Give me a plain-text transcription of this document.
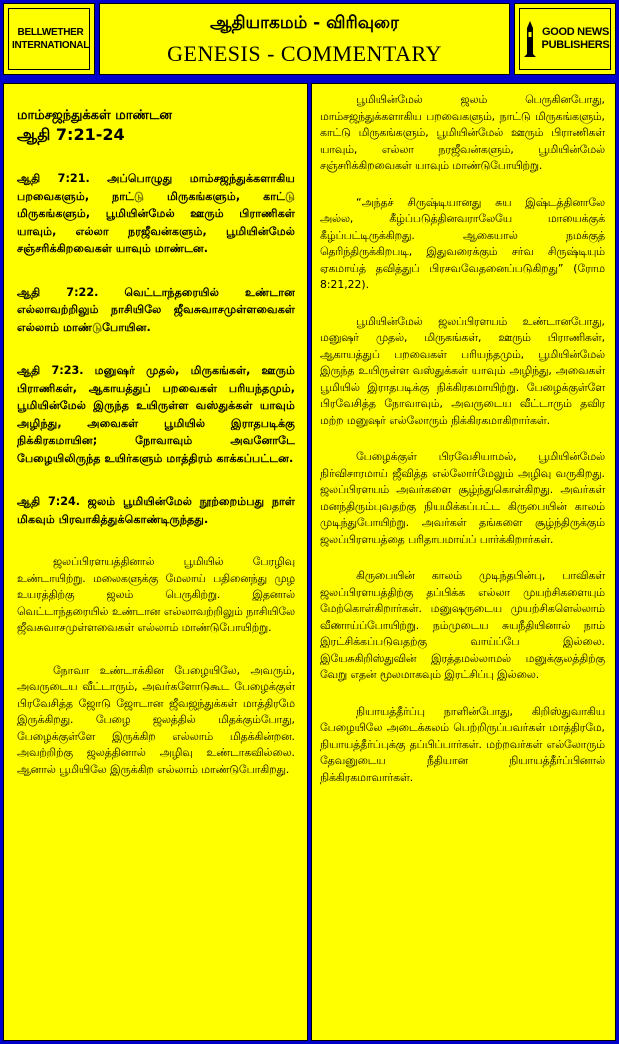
BELLWETHER
INTERNATIONAL
ஆதியாகமம் - விரிவுரை
GENESIS - COMMENTARY
GOOD NEWS
PUBLISHERS

மாம்சஜந்துக்கள் மாண்டன

ஆதி 7:21-24

ஆதி 7:21. அப்பொழுது மாம்சஜந்துக்களாகிய பறவைகளும், நாட்டு மிருகங்களும், காட்டு மிருகங்களும், பூமியின்மேல் ஊரும் பிராணிகள் யாவும், எல்லா நரஜீவன்களும், பூமியின்மேல் சஞ்சரிக்கிறவைகள் யாவும் மாண்டன.

ஆதி 7:22. வெட்டாந்தரையில் உண்டான எல்லாவற்றிலும் நாசியிலே ஜீவசுவாசமுள்ளவைகள் எல்லாம் மாண்டுபோயின.

ஆதி 7:23. மனுஷர் முதல், மிருகங்கள், ஊரும் பிராணிகள், ஆகாயத்துப் பறவைகள் பரியந்தமும், பூமியின்மேல் இருந்த உயிருள்ள வஸ்துக்கள் யாவும் அழிந்து, அவைகள் பூமியில் இராதபடிக்கு நிக்கிரகமாயின; நோவாவும் அவனோடே பேழையிலிருந்த உயிர்களும் மாத்திரம் காக்கப்பட்டன.

ஆதி 7:24. ஜலம் பூமியின்மேல் நூற்றைம்பது நாள் மிகவும் பிரவாகித்துக்கொண்டிருந்தது.

ஜலப்பிரளயத்தினால் பூமியில் பேரழிவு உண்டாயிற்று. மலைகளுக்கு மேலாய் பதினைந்து முழ உயரத்திற்கு ஜலம் பெருகிற்று. இதனால் வெட்டாந்தரையில் உண்டான எல்லாவற்றிலும் நாசியிலே ஜீவசுவாசமுள்ளவைகள் எல்லாம் மாண்டுபோயிற்று.

நோவா உண்டாக்கின பேழையிலே, அவரும், அவருடைய வீட்டாரும், அவர்களோடுகூட பேழைக்குள் பிரவேசித்த ஜோடு ஜோடான ஜீவஜந்துக்கள் மாத்திரமே இருக்கிறது. பேழை ஜலத்தில் மிதக்கும்போது, பேழைக்குள்ளே இருக்கிற எல்லாம் மிதக்கின்றன. அவற்றிற்கு ஜலத்தினால் அழிவு உண்டாகவில்லை. ஆனால் பூமியிலே இருக்கிற எல்லாம் மாண்டுபோகிறது.

பூமியின்மேல் ஜலம் பெருகினபோது, மாம்சஜந்துக்களாகிய பறவைகளும், நாட்டு மிருகங்களும், காட்டு மிருகங்களும், பூமியின்மேல் ஊரும் பிராணிகள் யாவும், எல்லா நரஜீவன்களும், பூமியின்மேல் சஞ்சரிக்கிறவைகள் யாவும் மாண்டுபோயிற்று.

“அந்தச் சிருஷ்டியானது சுய இஷ்டத்தினாலே அல்ல, கீழ்ப்படுத்தினவராலேயே மாயைக்குக் கீழ்ப்பட்டிருக்கிறது. ஆகையால் நமக்குத் தெரிந்திருக்கிறபடி, இதுவரைக்கும் சர்வ சிருஷ்டியும் ஏகமாய்த் தவித்துப் பிரசவவேதனைப்படுகிறது” (ரோம 8:21,22).

பூமியின்மேல் ஜலப்பிரளயம் உண்டானபோது, மனுஷர் முதல், மிருகங்கள், ஊரும் பிராணிகள், ஆகாயத்துப் பறவைகள் பரியந்தமும், பூமியின்மேல் இருந்த உயிருள்ள வஸ்துக்கள் யாவும் அழிந்து, அவைகள் பூமியில் இராதபடிக்கு நிக்கிரகமாயிற்று. பேழைக்குள்ளே பிரவேசித்த நோவாவும், அவருடைய வீட்டாரும் தவிர மற்ற மனுஷர் எல்லோரும் நிக்கிரகமாகிறார்கள்.

பேழைக்குள் பிரவேசியாமல், பூமியின்மேல் நிர்விசாரமாய் ஜீவித்த எல்லோர்மேலும் அழிவு வருகிறது. ஜலப்பிரளயம் அவர்களை சூழ்ந்துகொள்கிறது. அவர்கள் மனந்திரும்புவதற்கு நியமிக்கப்பட்ட கிருபையின் காலம் முடிந்துபோயிற்று. அவர்கள் தங்களை சூழ்ந்திருக்கும் ஜலப்பிரளயத்தை பரிதாபமாய்ப் பார்க்கிறார்கள்.

கிருபையின் காலம் முடிந்தபின்பு, பாவிகள் ஜலப்பிரளயத்திற்கு தப்பிக்க எல்லா முயற்சிகளையும் மேற்கொள்கிறார்கள். மனுஷருடைய முயற்சிகளெல்லாம் வீணாய்ப்போயிற்று. நம்முடைய சுயநீதியினால் நாம் இரட்சிக்கப்படுவதற்கு வாய்ப்பே இல்லை. இயேசுகிறிஸ்துவின் இரத்தமல்லாமல் மனுக்குலத்திற்கு வேறு எதன் மூலமாகவும் இரட்சிப்பு இல்லை.

நியாயத்தீர்ப்பு நாளின்போது, கிறிஸ்துவாகிய பேழையிலே அடைக்கலம் பெற்றிருப்பவர்கள் மாத்திரமே, நியாயத்தீர்ப்புக்கு தப்பிப்பார்கள். மற்றவர்கள் எல்லோரும் தேவனுடைய நீதியான நியாயத்தீர்ப்பினால் நிக்கிரகமாவார்கள்.
